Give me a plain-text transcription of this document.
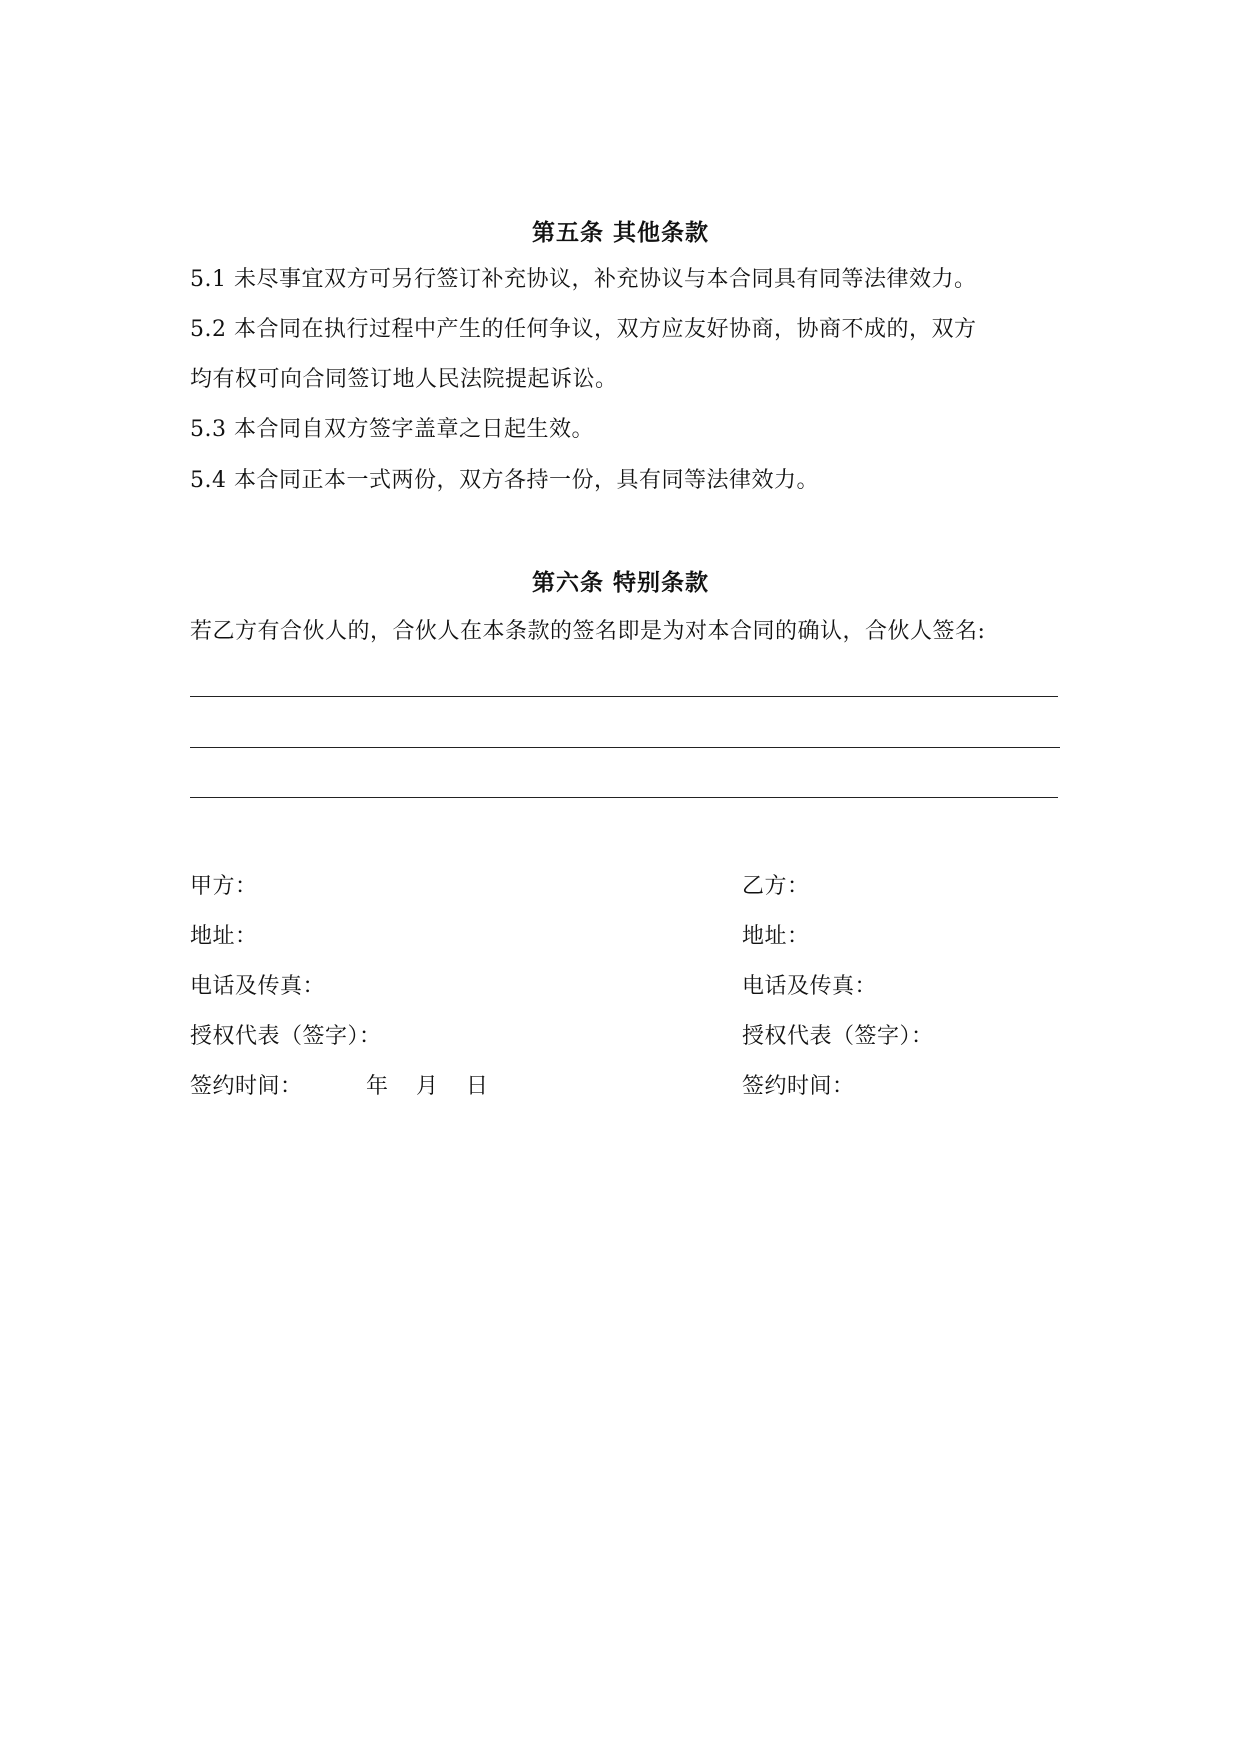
第五条 其他条款

5.1 未尽事宜双方可另行签订补充协议，补充协议与本合同具有同等法律效力。

5.2 本合同在执行过程中产生的任何争议，双方应友好协商，协商不成的，双方

均有权可向合同签订地人民法院提起诉讼。

5.3 本合同自双方签字盖章之日起生效。

5.4 本合同正本一式两份，双方各持一份，具有同等法律效力。

第六条 特别条款

若乙方有合伙人的，合伙人在本条款的签名即是为对本合同的确认，合伙人签名:

甲方：

地址：

电话及传真：

授权代表（签字）：

签约时间：	年 月 日

乙方：

地址：

电话及传真：

授权代表（签字）：

签约时间：
